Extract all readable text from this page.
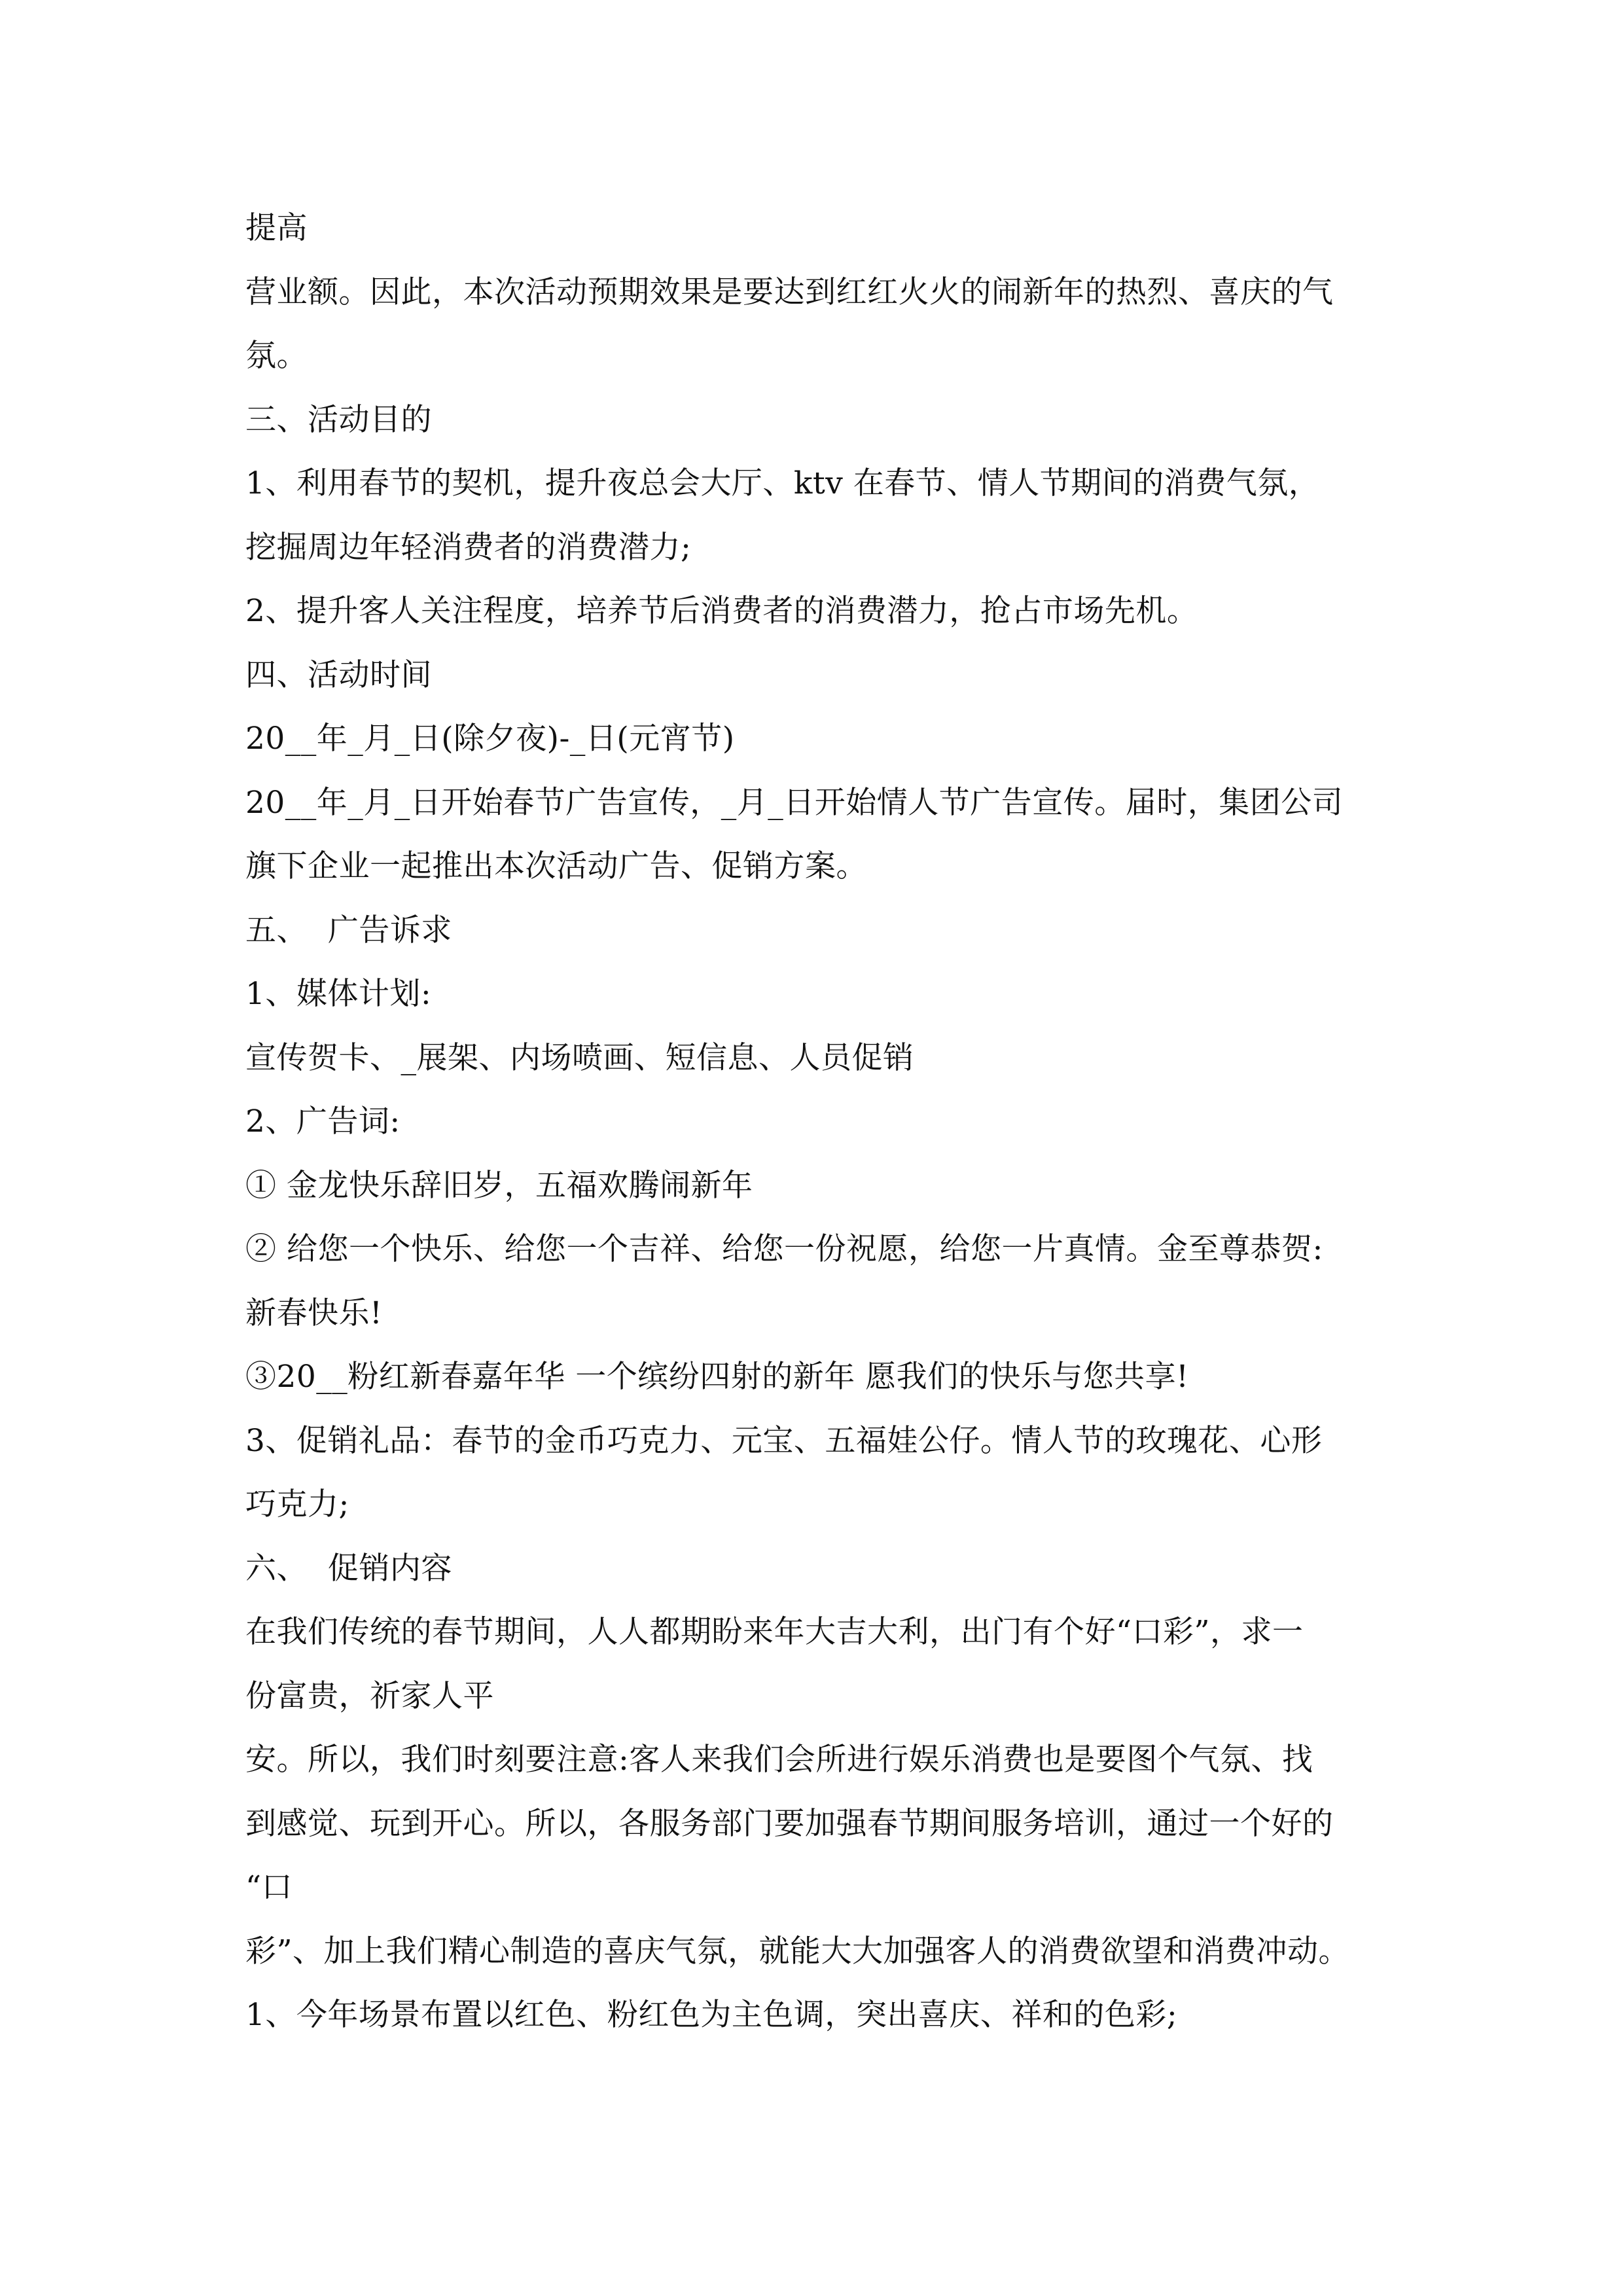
提高
营业额。因此，本次活动预期效果是要达到红红火火的闹新年的热烈、喜庆的气
氛。
三、活动目的
1、利用春节的契机，提升夜总会大厅、ktv 在春节、情人节期间的消费气氛，
挖掘周边年轻消费者的消费潜力;
2、提升客人关注程度，培养节后消费者的消费潜力，抢占市场先机。
四、活动时间
20__年_月_日(除夕夜)-_日(元宵节)
20__年_月_日开始春节广告宣传，_月_日开始情人节广告宣传。届时，集团公司
旗下企业一起推出本次活动广告、促销方案。
五、  广告诉求
1、媒体计划:
宣传贺卡、_展架、内场喷画、短信息、人员促销
2、广告词:
① 金龙快乐辞旧岁，五福欢腾闹新年
② 给您一个快乐、给您一个吉祥、给您一份祝愿，给您一片真情。金至尊恭贺:
新春快乐!
③20__粉红新春嘉年华 一个缤纷四射的新年 愿我们的快乐与您共享!
3、促销礼品：春节的金币巧克力、元宝、五福娃公仔。情人节的玫瑰花、心形
巧克力;
六、  促销内容
在我们传统的春节期间，人人都期盼来年大吉大利，出门有个好“口彩”，求一
份富贵，祈家人平
安。所以，我们时刻要注意:客人来我们会所进行娱乐消费也是要图个气氛、找
到感觉、玩到开心。所以，各服务部门要加强春节期间服务培训，通过一个好的
“口
彩”、加上我们精心制造的喜庆气氛，就能大大加强客人的消费欲望和消费冲动。
1、今年场景布置以红色、粉红色为主色调，突出喜庆、祥和的色彩;
